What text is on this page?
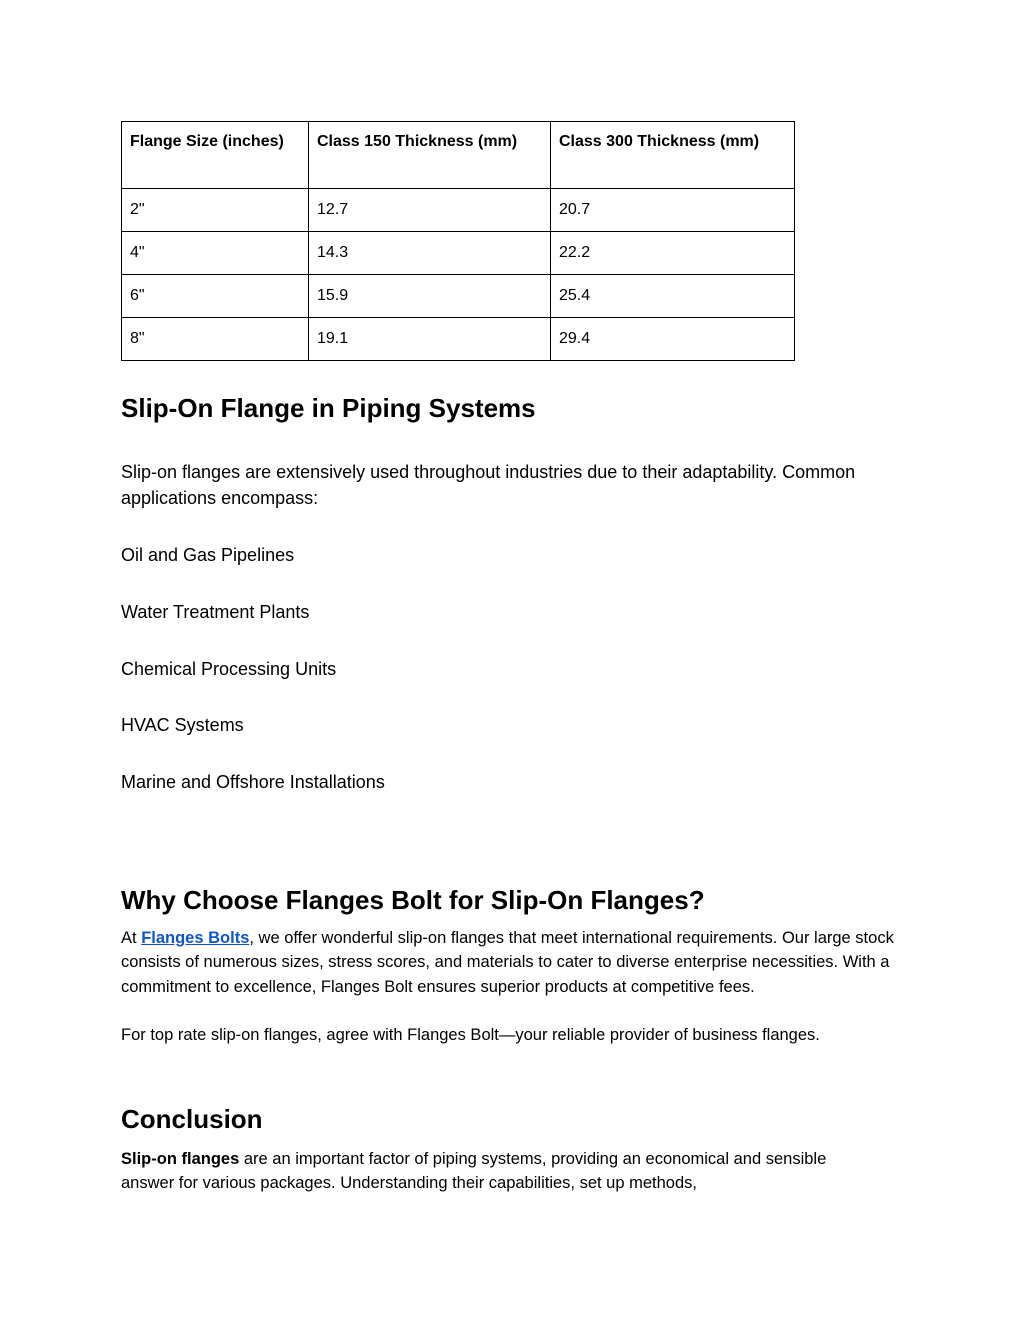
Flange Size (inches)	Class 150 Thickness (mm)	Class 300 Thickness (mm)
2"	12.7	20.7
4"	14.3	22.2
6"	15.9	25.4
8"	19.1	29.4
Slip-On Flange in Piping Systems

Slip-on flanges are extensively used throughout industries due to their adaptability. Common applications encompass:

Oil and Gas Pipelines

Water Treatment Plants

Chemical Processing Units

HVAC Systems

Marine and Offshore Installations

Why Choose Flanges Bolt for Slip-On Flanges?

At Flanges Bolts, we offer wonderful slip-on flanges that meet international requirements. Our large stock consists of numerous sizes, stress scores, and materials to cater to diverse enterprise necessities. With a commitment to excellence, Flanges Bolt ensures superior products at competitive fees.

For top rate slip-on flanges, agree with Flanges Bolt—your reliable provider of business flanges.

Conclusion

Slip-on flanges are an important factor of piping systems, providing an economical and sensible answer for various packages. Understanding their capabilities, set up methods,
